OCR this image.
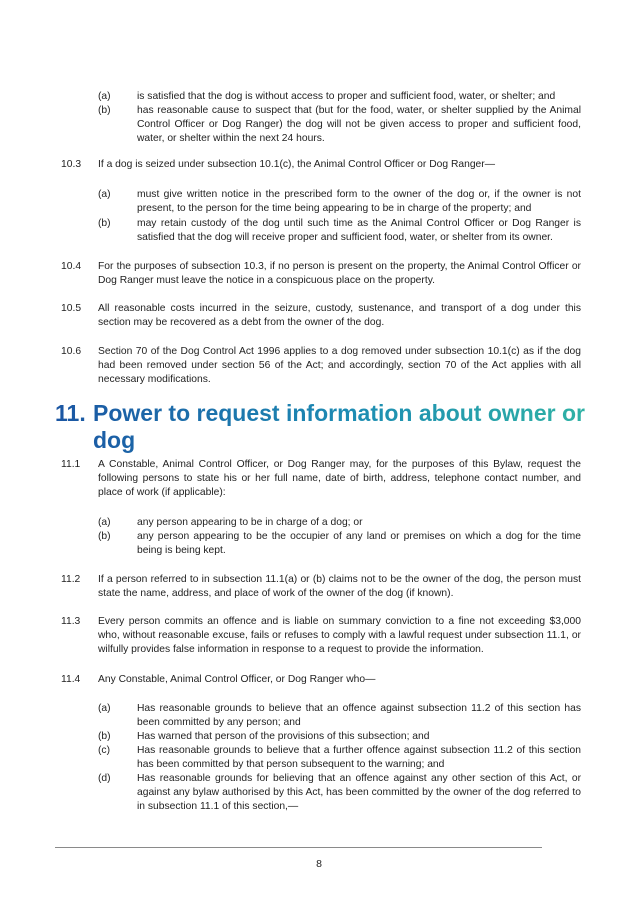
(a)	is satisfied that the dog is without access to proper and sufficient food, water, or shelter; and
(b)	has reasonable cause to suspect that (but for the food, water, or shelter supplied by the Animal Control Officer or Dog Ranger) the dog will not be given access to proper and sufficient food, water, or shelter within the next 24 hours.
10.3 If a dog is seized under subsection 10.1(c), the Animal Control Officer or Dog Ranger—
(a)	must give written notice in the prescribed form to the owner of the dog or, if the owner is not present, to the person for the time being appearing to be in charge of the property; and
(b)	may retain custody of the dog until such time as the Animal Control Officer or Dog Ranger is satisfied that the dog will receive proper and sufficient food, water, or shelter from its owner.
10.4 For the purposes of subsection 10.3, if no person is present on the property, the Animal Control Officer or Dog Ranger must leave the notice in a conspicuous place on the property.
10.5 All reasonable costs incurred in the seizure, custody, sustenance, and transport of a dog under this section may be recovered as a debt from the owner of the dog.
10.6 Section 70 of the Dog Control Act 1996 applies to a dog removed under subsection 10.1(c) as if the dog had been removed under section 56 of the Act; and accordingly, section 70 of the Act applies with all necessary modifications.
11. Power to request information about owner or
dog
11.1 A Constable, Animal Control Officer, or Dog Ranger may, for the purposes of this Bylaw, request the following persons to state his or her full name, date of birth, address, telephone contact number, and place of work (if applicable):
(a)	any person appearing to be in charge of a dog; or
(b)	any person appearing to be the occupier of any land or premises on which a dog for the time being is being kept.
11.2 If a person referred to in subsection 11.1(a) or (b) claims not to be the owner of the dog, the person must state the name, address, and place of work of the owner of the dog (if known).
11.3 Every person commits an offence and is liable on summary conviction to a fine not exceeding $3,000 who, without reasonable excuse, fails or refuses to comply with a lawful request under subsection 11.1, or wilfully provides false information in response to a request to provide the information.
11.4 Any Constable, Animal Control Officer, or Dog Ranger who—
(a)	Has reasonable grounds to believe that an offence against subsection 11.2 of this section has been committed by any person; and
(b)	Has warned that person of the provisions of this subsection; and
(c)	Has reasonable grounds to believe that a further offence against subsection 11.2 of this section has been committed by that person subsequent to the warning; and
(d)	Has reasonable grounds for believing that an offence against any other section of this Act, or against any bylaw authorised by this Act, has been committed by the owner of the dog referred to in subsection 11.1 of this section,—
8
